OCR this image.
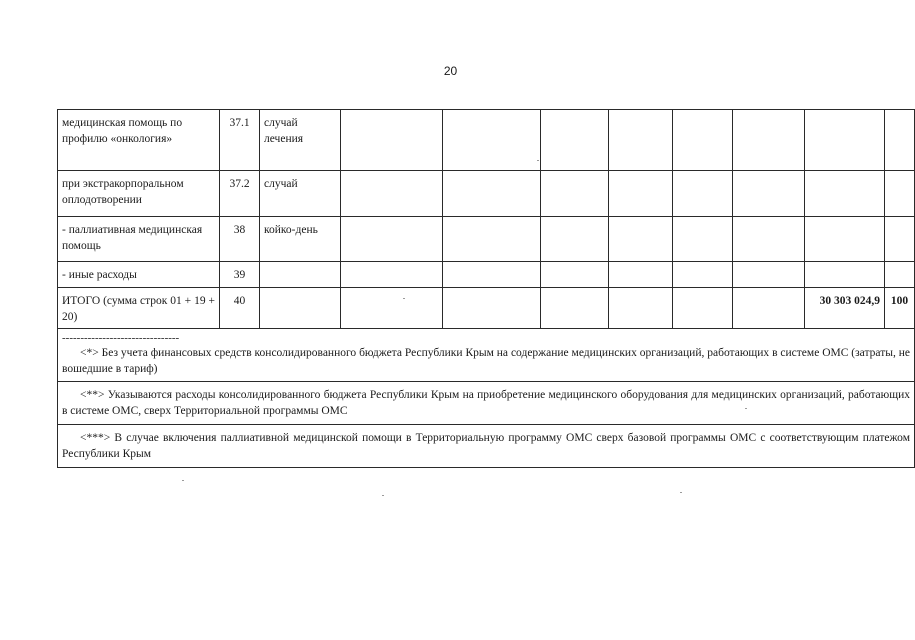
20
медицинская помощь по профилю «онкология»	37.1	случай лечения								
при экстракорпоральном оплодотворении	37.2	случай								
- паллиативная медицинская помощь	38	койко-день								
- иные расходы	39									
ИТОГО (сумма строк 01 + 19 + 20)	40								30 303 024,9	100

--------------------------------
<*> Без учета финансовых средств консолидированного бюджета Республики Крым на содержание медицинских организаций, работающих в системе ОМС (затраты, не вошедшие в тариф)										

<**> Указываются расходы консолидированного бюджета Республики Крым на приобретение медицинского оборудования для медицинских организаций, работающих в системе ОМС, сверх Территориальной программы ОМС										

<***> В случае включения паллиативной медицинской помощи в Территориальную программу ОМС сверх базовой программы ОМС с соответствующим платежом Республики Крым										
